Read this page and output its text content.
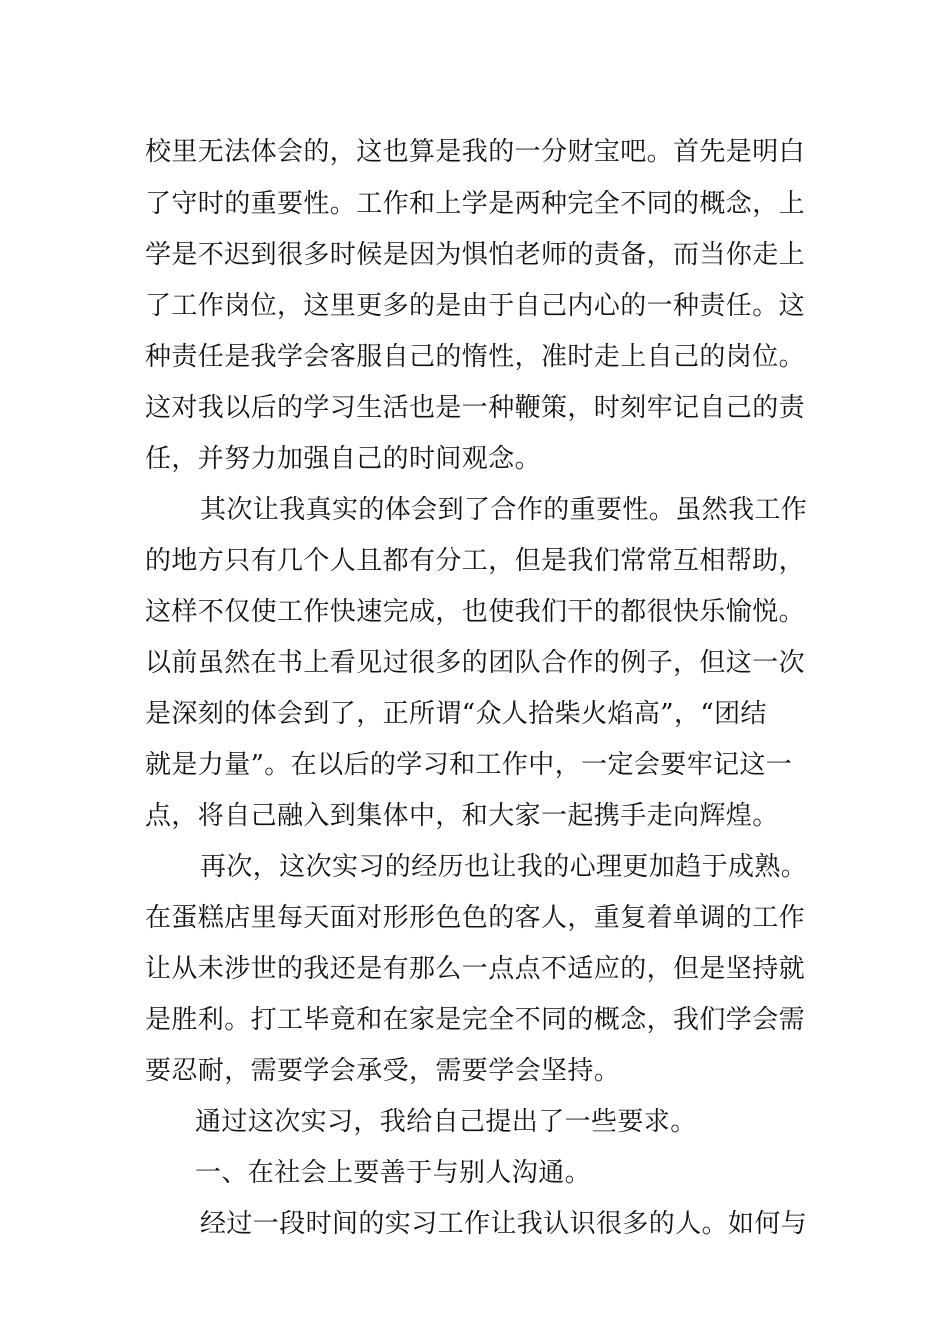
校里无法体会的，这也算是我的一分财宝吧。首先是明白
了守时的重要性。工作和上学是两种完全不同的概念，上
学是不迟到很多时候是因为惧怕老师的责备，而当你走上
了工作岗位，这里更多的是由于自己内心的一种责任。这
种责任是我学会客服自己的惰性，准时走上自己的岗位。
这对我以后的学习生活也是一种鞭策，时刻牢记自己的责
任，并努力加强自己的时间观念。
其次让我真实的体会到了合作的重要性。虽然我工作
的地方只有几个人且都有分工，但是我们常常互相帮助，
这样不仅使工作快速完成，也使我们干的都很快乐愉悦。
以前虽然在书上看见过很多的团队合作的例子，但这一次
是深刻的体会到了，正所谓“众人拾柴火焰高”，“团结
就是力量”。在以后的学习和工作中，一定会要牢记这一
点，将自己融入到集体中，和大家一起携手走向辉煌。
再次，这次实习的经历也让我的心理更加趋于成熟。
在蛋糕店里每天面对形形色色的客人，重复着单调的工作
让从未涉世的我还是有那么一点点不适应的，但是坚持就
是胜利。打工毕竟和在家是完全不同的概念，我们学会需
要忍耐，需要学会承受，需要学会坚持。
通过这次实习，我给自己提出了一些要求。
一、在社会上要善于与别人沟通。
经过一段时间的实习工作让我认识很多的人。如何与
